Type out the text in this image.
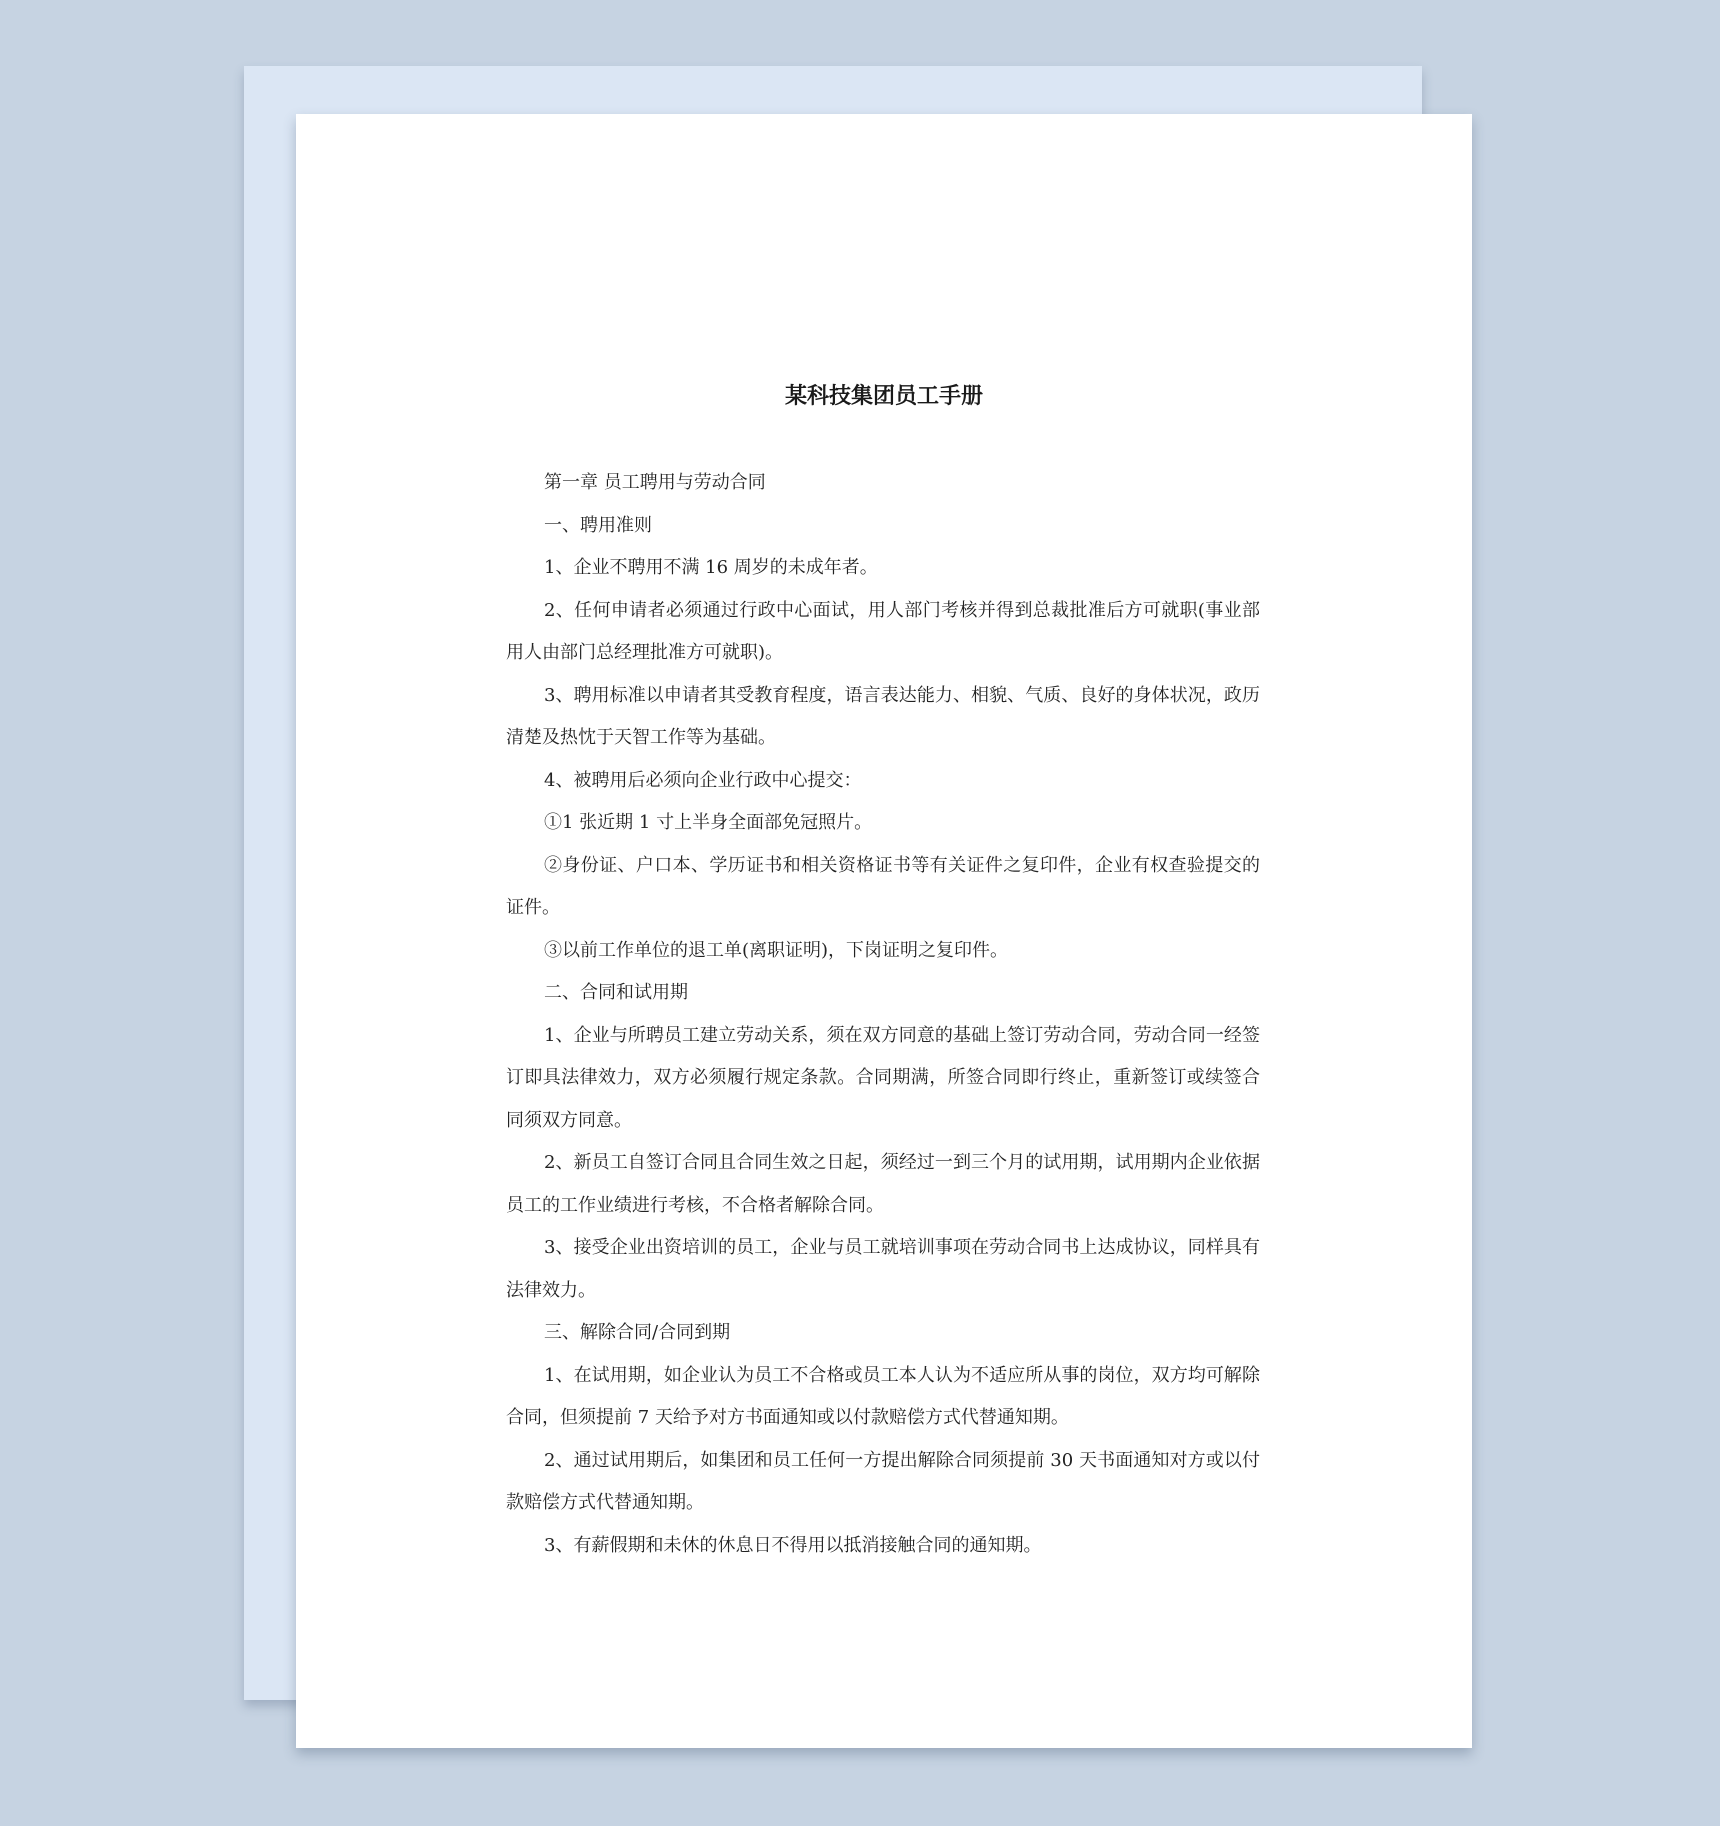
某科技集团员工手册

第一章 员工聘用与劳动合同

一、聘用准则

1、企业不聘用不满 16 周岁的未成年者。

2、任何申请者必须通过行政中心面试，用人部门考核并得到总裁批准后方可就职(事业部用人由部门总经理批准方可就职)。

3、聘用标准以申请者其受教育程度，语言表达能力、相貌、气质、良好的身体状况，政历清楚及热忱于天智工作等为基础。

4、被聘用后必须向企业行政中心提交：

①1 张近期 1 寸上半身全面部免冠照片。

②身份证、户口本、学历证书和相关资格证书等有关证件之复印件，企业有权查验提交的证件。

③以前工作单位的退工单(离职证明)，下岗证明之复印件。

二、合同和试用期

1、企业与所聘员工建立劳动关系，须在双方同意的基础上签订劳动合同，劳动合同一经签订即具法律效力，双方必须履行规定条款。合同期满，所签合同即行终止，重新签订或续签合同须双方同意。

2、新员工自签订合同且合同生效之日起，须经过一到三个月的试用期，试用期内企业依据员工的工作业绩进行考核，不合格者解除合同。

3、接受企业出资培训的员工，企业与员工就培训事项在劳动合同书上达成协议，同样具有法律效力。

三、解除合同/合同到期

1、在试用期，如企业认为员工不合格或员工本人认为不适应所从事的岗位，双方均可解除合同，但须提前 7 天给予对方书面通知或以付款赔偿方式代替通知期。

2、通过试用期后，如集团和员工任何一方提出解除合同须提前 30 天书面通知对方或以付款赔偿方式代替通知期。

3、有薪假期和未休的休息日不得用以抵消接触合同的通知期。
